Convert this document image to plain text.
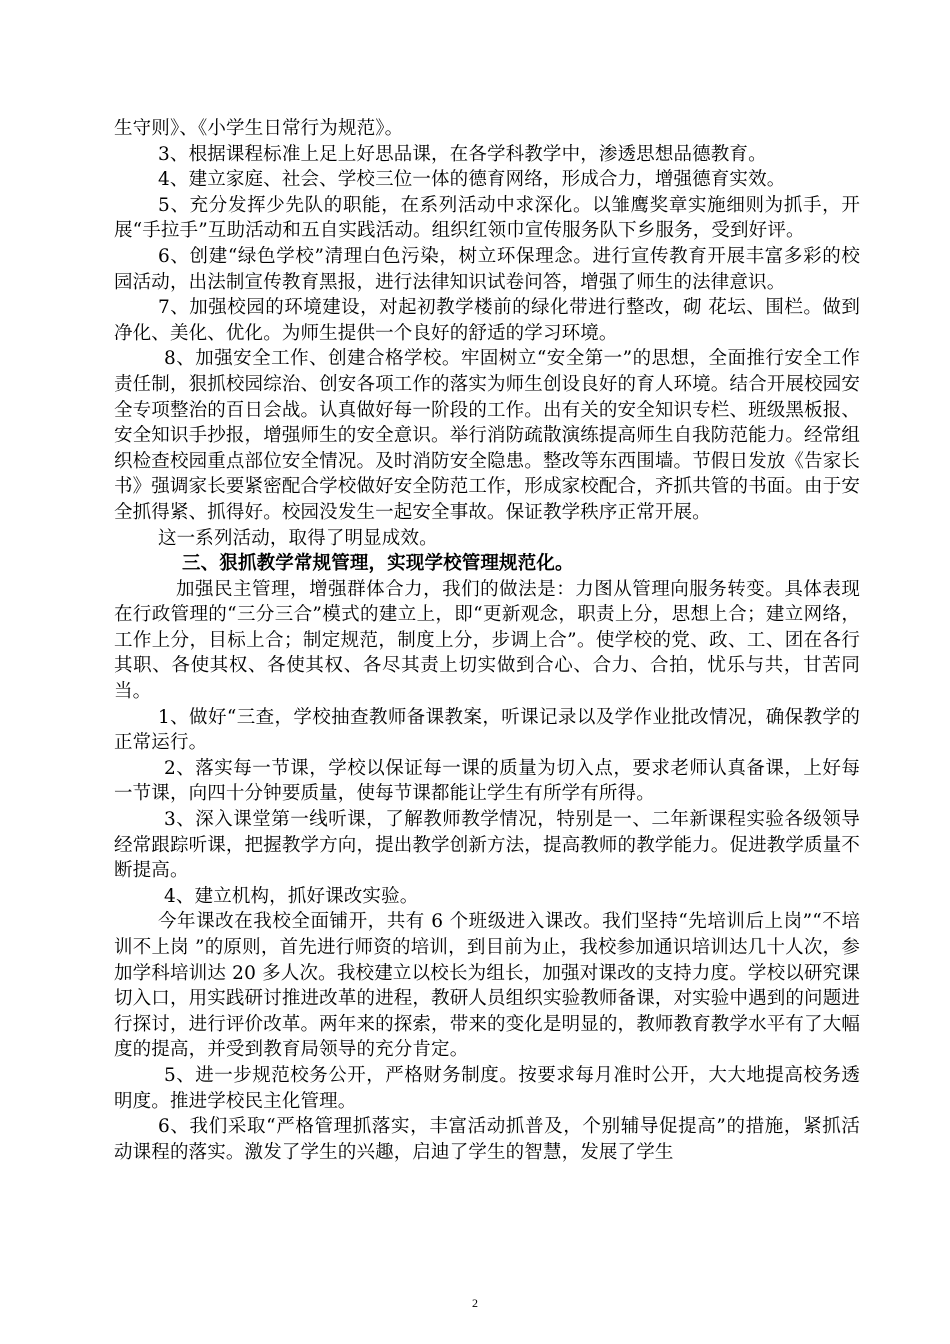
生守则》、《小学生日常行为规范》。

3、根据课程标准上足上好思品课，在各学科教学中，渗透思想品德教育。

4、建立家庭、社会、学校三位一体的德育网络，形成合力，增强德育实效。

5、充分发挥少先队的职能，在系列活动中求深化。以雏鹰奖章实施细则为抓手，开展“手拉手”互助活动和五自实践活动。组织红领巾宣传服务队下乡服务，受到好评。

6、创建“绿色学校”清理白色污染，树立环保理念。进行宣传教育开展丰富多彩的校园活动，出法制宣传教育黑报，进行法律知识试卷问答，增强了师生的法律意识。

7、加强校园的环境建设，对起初教学楼前的绿化带进行整改，砌 花坛、围栏。做到净化、美化、优化。为师生提供一个良好的舒适的学习环境。

8、加强安全工作、创建合格学校。牢固树立“安全第一”的思想，全面推行安全工作责任制，狠抓校园综治、创安各项工作的落实为师生创设良好的育人环境。结合开展校园安全专项整治的百日会战。认真做好每一阶段的工作。出有关的安全知识专栏、班级黑板报、安全知识手抄报，增强师生的安全意识。举行消防疏散演练提高师生自我防范能力。经常组织检查校园重点部位安全情况。及时消防安全隐患。整改等东西围墙。节假日发放《告家长书》强调家长要紧密配合学校做好安全防范工作，形成家校配合，齐抓共管的书面。由于安全抓得紧、抓得好。校园没发生一起安全事故。保证教学秩序正常开展。

这一系列活动，取得了明显成效。

三、狠抓教学常规管理，实现学校管理规范化。

加强民主管理，增强群体合力，我们的做法是：力图从管理向服务转变。具体表现在行政管理的“三分三合”模式的建立上，即“更新观念，职责上分，思想上合；建立网络，工作上分，目标上合；制定规范，制度上分，步调上合”。使学校的党、政、工、团在各行其职、各使其权、各使其权、各尽其责上切实做到合心、合力、合拍，忧乐与共，甘苦同当。

1、做好“三查，学校抽查教师备课教案，听课记录以及学作业批改情况，确保教学的正常运行。

2、落实每一节课，学校以保证每一课的质量为切入点，要求老师认真备课，上好每一节课，向四十分钟要质量，使每节课都能让学生有所学有所得。

3、深入课堂第一线听课，了解教师教学情况，特别是一、二年新课程实验各级领导经常跟踪听课，把握教学方向，提出教学创新方法，提高教师的教学能力。促进教学质量不断提高。

4、建立机构，抓好课改实验。

今年课改在我校全面铺开，共有 6 个班级进入课改。我们坚持“先培训后上岗”“不培训不上岗 ”的原则，首先进行师资的培训，到目前为止，我校参加通识培训达几十人次，参加学科培训达 20 多人次。我校建立以校长为组长，加强对课改的支持力度。学校以研究课切入口，用实践研讨推进改革的进程，教研人员组织实验教师备课，对实验中遇到的问题进行探讨，进行评价改革。两年来的探索，带来的变化是明显的，教师教育教学水平有了大幅度的提高，并受到教育局领导的充分肯定。

5、进一步规范校务公开，严格财务制度。按要求每月准时公开，大大地提高校务透明度。推进学校民主化管理。

6、我们采取“严格管理抓落实，丰富活动抓普及，个别辅导促提高”的措施，紧抓活动课程的落实。激发了学生的兴趣，启迪了学生的智慧，发展了学生

2
